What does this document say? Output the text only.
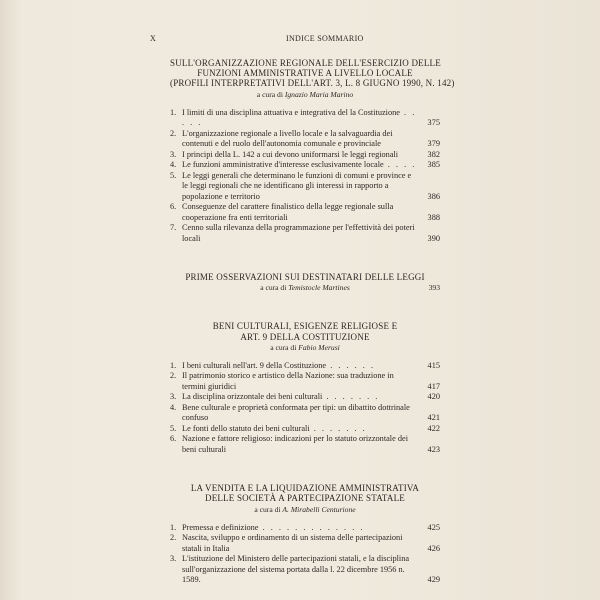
X	INDICE SOMMARIO
SULL'ORGANIZZAZIONE REGIONALE DELL'ESERCIZIO DELLE
FUNZIONI AMMINISTRATIVE A LIVELLO LOCALE
(PROFILI INTERPRETATIVI DELL'ART. 3, L. 8 GIUGNO 1990, N. 142)
a cura di Ignazio Maria Marino
1. I limiti di una disciplina attuativa e integrativa del la Costituzione . . . . .	375
2. L'organizzazione regionale a livello locale e la salvaguardia dei contenuti e del ruolo dell'autonomia comunale e provinciale	379
3. I principi della L. 142 a cui devono uniformarsi le leggi regionali	382
4. Le funzioni amministrative d'interesse esclusivamente locale . . . . 385
5. Le leggi generali che determinano le funzioni di comuni e province e le leggi regionali che ne identificano gli interessi in rapporto a popolazione e territorio	386
6. Conseguenze del carattere finalistico della legge regionale sulla cooperazione fra enti territoriali	388
7. Cenno sulla rilevanza della programmazione per l'effettività dei poteri locali	390
PRIME OSSERVAZIONI SUI DESTINATARI DELLE LEGGI
a cura di Temistocle Martines	393
BENI CULTURALI, ESIGENZE RELIGIOSE E
ART. 9 DELLA COSTITUZIONE
a cura di Fabio Merusi
1. I beni culturali nell'art. 9 della Costituzione . . . . . .	415
2. Il patrimonio storico e artistico della Nazione: sua traduzione in termini giuridici	417
3. La disciplina orizzontale dei beni culturali . . . . . . .	420
4. Bene culturale e proprietà conformata per tipi: un dibattito dottrinale confuso	421
5. Le fonti dello statuto dei beni culturali . . . . . . .	422
6. Nazione e fattore religioso: indicazioni per lo statuto orizzontale dei beni culturali	423
LA VENDITA E LA LIQUIDAZIONE AMMINISTRATIVA
DELLE SOCIETÀ A PARTECIPAZIONE STATALE
a cura di A. Mirabelli Centurione
1. Premessa e definizione . . . . . . . . . . . . .	425
2. Nascita, sviluppo e ordinamento di un sistema delle partecipazioni statali in Italia	426
3. L'istituzione del Ministero delle partecipazioni statali, e la disciplina sull'organizzazione del sistema portata dalla l. 22 dicembre 1956 n. 1589.	429
